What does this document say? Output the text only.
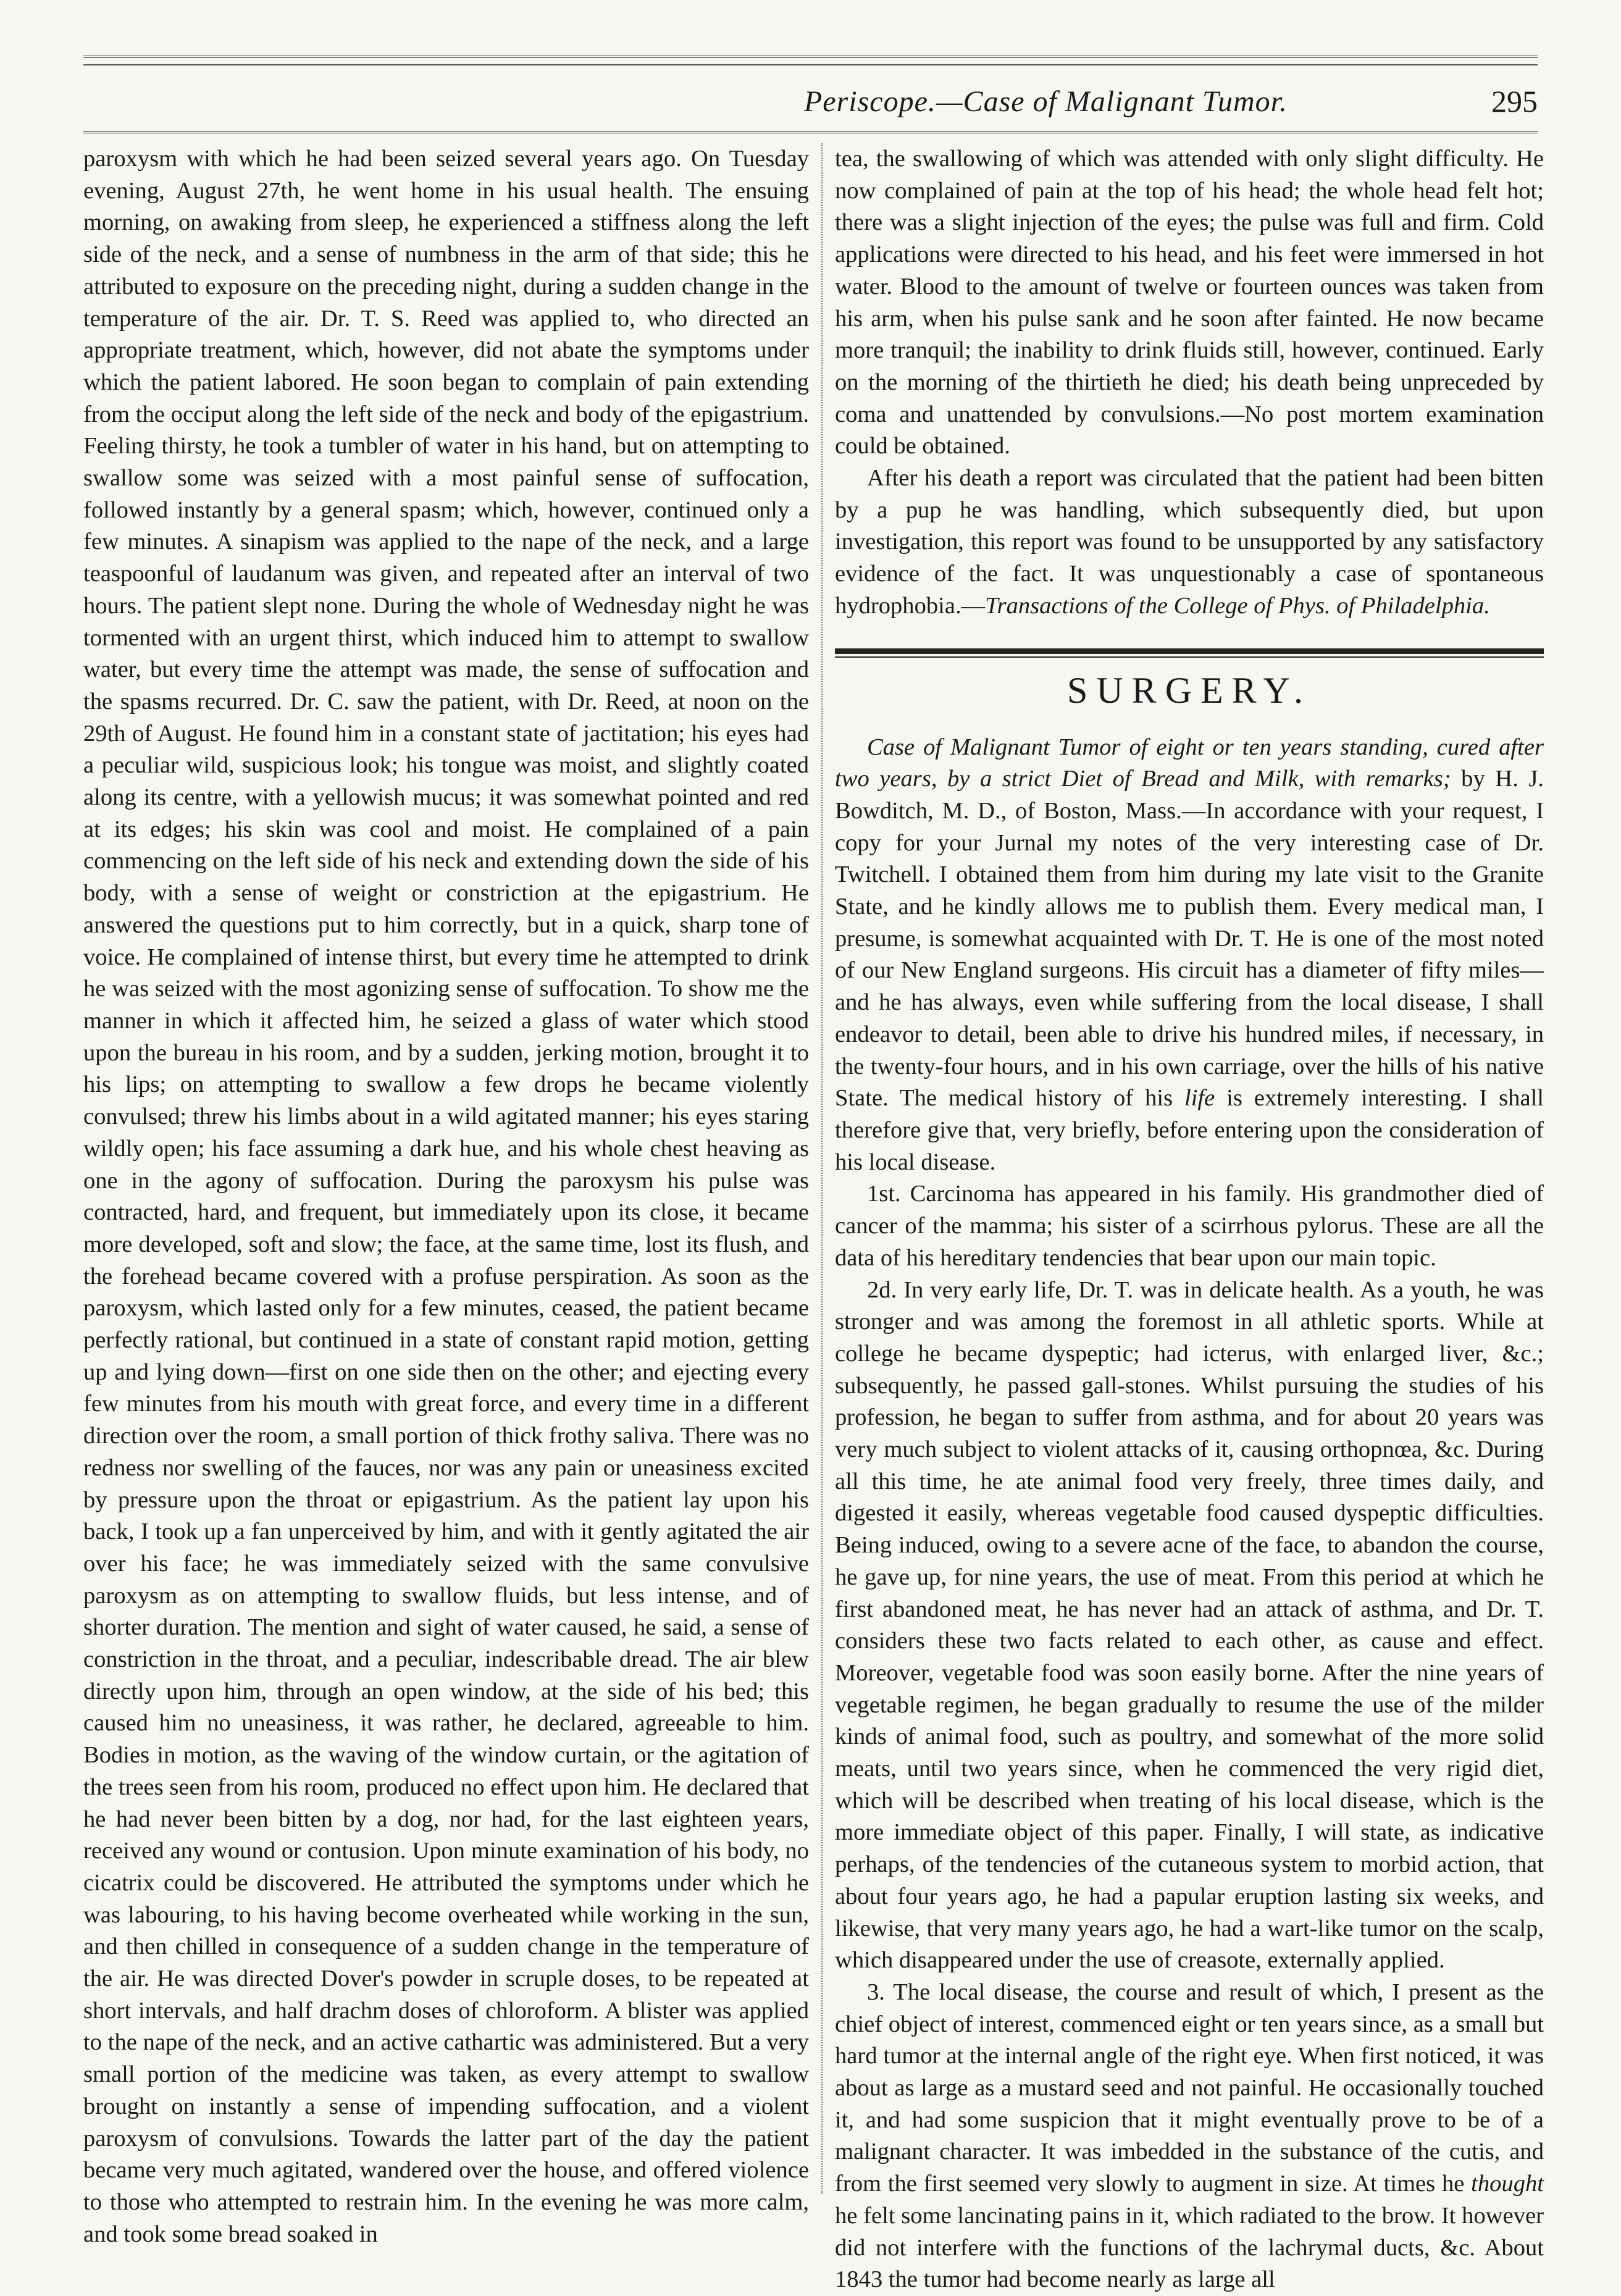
Periscope.—Case of Malignant Tumor.	295

paroxysm with which he had been seized several years ago. On Tuesday evening, August 27th, he went home in his usual health. The ensuing morning, on awaking from sleep, he experienced a stiffness along the left side of the neck, and a sense of numbness in the arm of that side; this he attributed to exposure on the preceding night, during a sudden change in the temperature of the air. Dr. T. S. Reed was applied to, who directed an appropriate treatment, which, however, did not abate the symptoms under which the patient labored. He soon began to complain of pain extending from the occiput along the left side of the neck and body of the epigastrium. Feeling thirsty, he took a tumbler of water in his hand, but on attempting to swallow some was seized with a most painful sense of suffocation, followed instantly by a general spasm; which, however, continued only a few minutes. A sinapism was applied to the nape of the neck, and a large teaspoonful of laudanum was given, and repeated after an interval of two hours. The patient slept none. During the whole of Wednesday night he was tormented with an urgent thirst, which induced him to attempt to swallow water, but every time the attempt was made, the sense of suffocation and the spasms recurred. Dr. C. saw the patient, with Dr. Reed, at noon on the 29th of August. He found him in a constant state of jactitation; his eyes had a peculiar wild, suspicious look; his tongue was moist, and slightly coated along its centre, with a yellowish mucus; it was somewhat pointed and red at its edges; his skin was cool and moist. He complained of a pain commencing on the left side of his neck and extending down the side of his body, with a sense of weight or constriction at the epigastrium. He answered the questions put to him correctly, but in a quick, sharp tone of voice. He complained of intense thirst, but every time he attempted to drink he was seized with the most agonizing sense of suffocation. To show me the manner in which it affected him, he seized a glass of water which stood upon the bureau in his room, and by a sudden, jerking motion, brought it to his lips; on attempting to swallow a few drops he became violently convulsed; threw his limbs about in a wild agitated manner; his eyes staring wildly open; his face assuming a dark hue, and his whole chest heaving as one in the agony of suffocation. During the paroxysm his pulse was contracted, hard, and frequent, but immediately upon its close, it became more developed, soft and slow; the face, at the same time, lost its flush, and the forehead became covered with a profuse perspiration. As soon as the paroxysm, which lasted only for a few minutes, ceased, the patient became perfectly rational, but continued in a state of constant rapid motion, getting up and lying down—first on one side then on the other; and ejecting every few minutes from his mouth with great force, and every time in a different direction over the room, a small portion of thick frothy saliva. There was no redness nor swelling of the fauces, nor was any pain or uneasiness excited by pressure upon the throat or epigastrium. As the patient lay upon his back, I took up a fan unperceived by him, and with it gently agitated the air over his face; he was immediately seized with the same convulsive paroxysm as on attempting to swallow fluids, but less intense, and of shorter duration. The mention and sight of water caused, he said, a sense of constriction in the throat, and a peculiar, indescribable dread. The air blew directly upon him, through an open window, at the side of his bed; this caused him no uneasiness, it was rather, he declared, agreeable to him. Bodies in motion, as the waving of the window curtain, or the agitation of the trees seen from his room, produced no effect upon him. He declared that he had never been bitten by a dog, nor had, for the last eighteen years, received any wound or contusion. Upon minute examination of his body, no cicatrix could be discovered. He attributed the symptoms under which he was labouring, to his having become overheated while working in the sun, and then chilled in consequence of a sudden change in the temperature of the air. He was directed Dover's powder in scruple doses, to be repeated at short intervals, and half drachm doses of chloroform. A blister was applied to the nape of the neck, and an active cathartic was administered. But a very small portion of the medicine was taken, as every attempt to swallow brought on instantly a sense of impending suffocation, and a violent paroxysm of convulsions. Towards the latter part of the day the patient became very much agitated, wandered over the house, and offered violence to those who attempted to restrain him. In the evening he was more calm, and took some bread soaked in

tea, the swallowing of which was attended with only slight difficulty. He now complained of pain at the top of his head; the whole head felt hot; there was a slight injection of the eyes; the pulse was full and firm. Cold applications were directed to his head, and his feet were immersed in hot water. Blood to the amount of twelve or fourteen ounces was taken from his arm, when his pulse sank and he soon after fainted. He now became more tranquil; the inability to drink fluids still, however, continued. Early on the morning of the thirtieth he died; his death being unpreceded by coma and unattended by convulsions.—No post mortem examination could be obtained.

After his death a report was circulated that the patient had been bitten by a pup he was handling, which subsequently died, but upon investigation, this report was found to be unsupported by any satisfactory evidence of the fact. It was unquestionably a case of spontaneous hydrophobia.—Transactions of the College of Phys. of Philadelphia.

SURGERY.

Case of Malignant Tumor of eight or ten years standing, cured after two years, by a strict Diet of Bread and Milk, with remarks; by H. J. Bowditch, M. D., of Boston, Mass.—In accordance with your request, I copy for your Jurnal my notes of the very interesting case of Dr. Twitchell. I obtained them from him during my late visit to the Granite State, and he kindly allows me to publish them. Every medical man, I presume, is somewhat acquainted with Dr. T. He is one of the most noted of our New England surgeons. His circuit has a diameter of fifty miles—and he has always, even while suffering from the local disease, I shall endeavor to detail, been able to drive his hundred miles, if necessary, in the twenty-four hours, and in his own carriage, over the hills of his native State. The medical history of his life is extremely interesting. I shall therefore give that, very briefly, before entering upon the consideration of his local disease.

1st. Carcinoma has appeared in his family. His grandmother died of cancer of the mamma; his sister of a scirrhous pylorus. These are all the data of his hereditary tendencies that bear upon our main topic.

2d. In very early life, Dr. T. was in delicate health. As a youth, he was stronger and was among the foremost in all athletic sports. While at college he became dyspeptic; had icterus, with enlarged liver, &c.; subsequently, he passed gall-stones. Whilst pursuing the studies of his profession, he began to suffer from asthma, and for about 20 years was very much subject to violent attacks of it, causing orthopnœa, &c. During all this time, he ate animal food very freely, three times daily, and digested it easily, whereas vegetable food caused dyspeptic difficulties. Being induced, owing to a severe acne of the face, to abandon the course, he gave up, for nine years, the use of meat. From this period at which he first abandoned meat, he has never had an attack of asthma, and Dr. T. considers these two facts related to each other, as cause and effect. Moreover, vegetable food was soon easily borne. After the nine years of vegetable regimen, he began gradually to resume the use of the milder kinds of animal food, such as poultry, and somewhat of the more solid meats, until two years since, when he commenced the very rigid diet, which will be described when treating of his local disease, which is the more immediate object of this paper. Finally, I will state, as indicative perhaps, of the tendencies of the cutaneous system to morbid action, that about four years ago, he had a papular eruption lasting six weeks, and likewise, that very many years ago, he had a wart-like tumor on the scalp, which disappeared under the use of creasote, externally applied.

3. The local disease, the course and result of which, I present as the chief object of interest, commenced eight or ten years since, as a small but hard tumor at the internal angle of the right eye. When first noticed, it was about as large as a mustard seed and not painful. He occasionally touched it, and had some suspicion that it might eventually prove to be of a malignant character. It was imbedded in the substance of the cutis, and from the first seemed very slowly to augment in size. At times he thought he felt some lancinating pains in it, which radiated to the brow. It however did not interfere with the functions of the lachrymal ducts, &c. About 1843 the tumor had become nearly as large all
